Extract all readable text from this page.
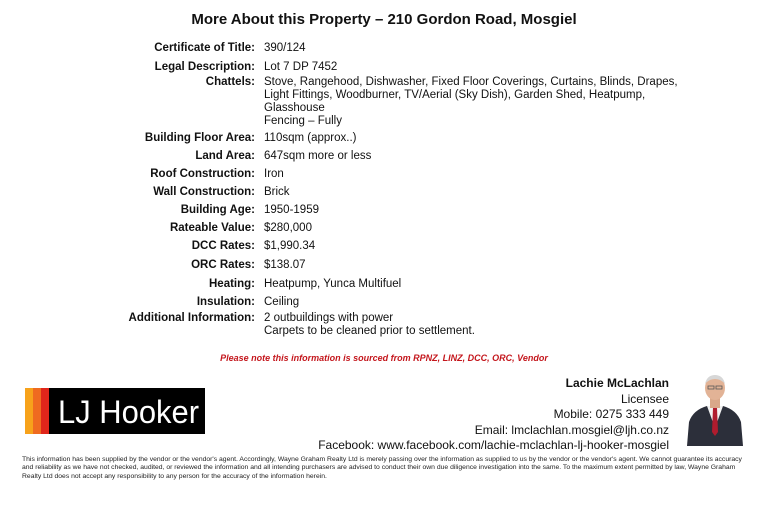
More About this Property – 210 Gordon Road, Mosgiel
Certificate of Title: 390/124
Legal Description: Lot 7 DP 7452
Chattels: Stove, Rangehood, Dishwasher, Fixed Floor Coverings, Curtains, Blinds, Drapes,
Light Fittings, Woodburner, TV/Aerial (Sky Dish), Garden Shed, Heatpump,
Glasshouse
Fencing – Fully
Building Floor Area: 110sqm (approx..)
Land Area: 647sqm more or less
Roof Construction: Iron
Wall Construction: Brick
Building Age: 1950-1959
Rateable Value: $280,000
DCC Rates: $1,990.34
ORC Rates: $138.07
Heating: Heatpump, Yunca Multifuel
Insulation: Ceiling
Additional Information: 2 outbuildings with power
Carpets to be cleaned prior to settlement.
Please note this information is sourced from RPNZ, LINZ, DCC, ORC, Vendor
LJ Hooker
Lachie McLachlan
Licensee
Mobile: 0275 333 449
Email: lmclachlan.mosgiel@ljh.co.nz
Facebook: www.facebook.com/lachie-mclachlan-lj-hooker-mosgiel
This information has been supplied by the vendor or the vendor's agent. Accordingly, Wayne Graham Realty Ltd is merely passing over the information as supplied to us by the vendor or the vendor's agent. We cannot guarantee its accuracy and reliability as we have not checked, audited, or reviewed the information and all intending purchasers are advised to conduct their own due diligence investigation into the same. To the maximum extent permitted by law, Wayne Graham Realty Ltd does not accept any responsibility to any person for the accuracy of the information herein.
